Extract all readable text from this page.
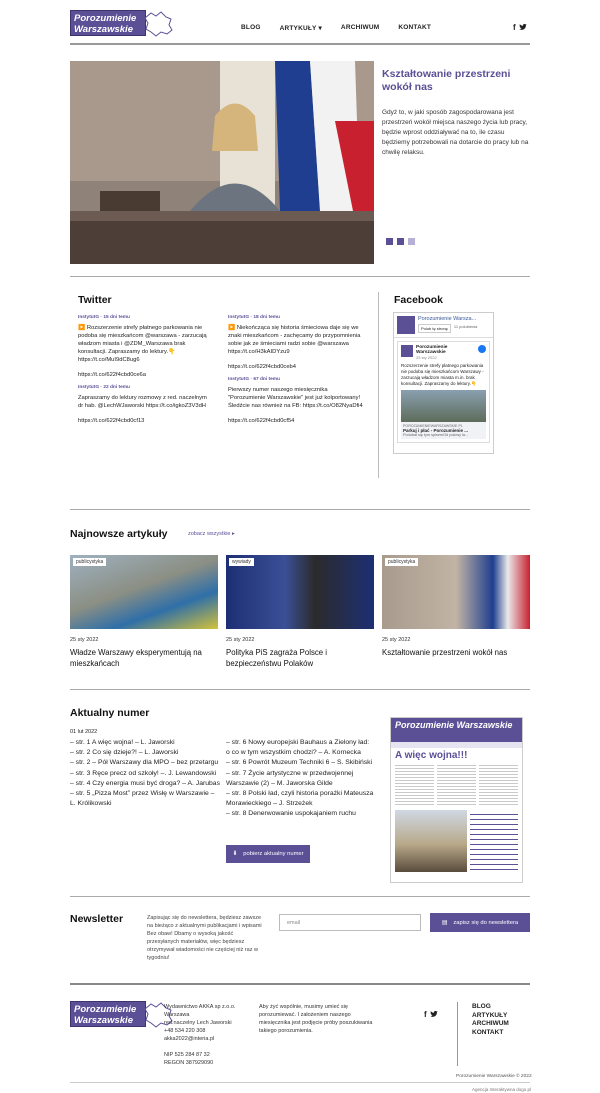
Porozumienie Warszawskie	BLOG	ARTYKUŁY ▾	ARCHIWUM	KONTAKT	f
Kształtowanie przestrzeni wokół nas
Gdyż to, w jaki sposób zagospodarowana jest przestrzeń wokół miejsca naszego życia lub pracy, będzie wprost oddziaływać na to, ile czasu będziemy potrzebowali na dotarcie do pracy lub na chwilę relaksu.
Twitter
InstytutG · 15 dni temu
▶️ Rozszerzenie strefy płatnego parkowania nie podoba się mieszkańcom @warszawa - zarzucają władzom miasta i @ZDM_Warszawa brak konsultacji. Zapraszamy do lektury.👇 https://t.co/MuI9dC8ug6
https://t.co/622f4cbd0ce6a
InstytutG · 22 dni temu
Zapraszamy do lektury rozmowy z red. naczelnym dr hab. @LechWJaworski https://t.co/igkoZ3V3dH
https://t.co/622f4cbd0cf13
InstytutG · 18 dni temu
▶️ Niekończąca się historia śmieciowa daje się we znaki mieszkańcom - zachęcamy do przypomnienia sobie jak ze śmieciami radzi sobie @warszawa https://t.co/H3kAIDYzu9
https://t.co/622f4cbd0ceb4
InstytutG · 67 dni temu
Pierwszy numer naszego miesięcznika "Porozumienie Warszawskie" jest już kolportowany! Śledźcie nas również na FB: https://t.co/O82NyaDfi4
https://t.co/622f4cbd0cf54
Facebook
Porozumienie Warsza...
Polub tę stronę	11 polubienia
Porozumienie Warszawskie
25 sty 2022
Rozszerzenie strefy płatnego parkowania nie podoba się mieszkańcom Warszawy - zarzucają władzom miasta m.in. brak konsultacji. Zapraszamy do lektury.👇
POROZUMIENIEWARSZAWSKIE.PL
Parkuj i płać - Porozumienie ...
Podobał się tym spisemOd połowy la...
Najnowsze artykuły	zobacz wszystkie ▸
publicystyka
25 sty 2022
Władze Warszawy eksperymentują na mieszkańcach
wywiady
25 sty 2022
Polityka PiS zagraża Polsce i bezpieczeństwu Polaków
publicystyka
25 sty 2022
Kształtowanie przestrzeni wokół nas
Aktualny numer
01 lut 2022
– str. 1 A więc wojna! – L. Jaworski
– str. 2 Co się dzieje?! – L. Jaworski
– str. 2 – Pół Warszawy dla MPO – bez przetargu
– str. 3 Ręce precz od szkoły! –. J. Lewandowski
– str. 4 Czy energia musi być droga? – A. Jarubas
– str. 5 „Pizza Most” przez Wisłę w Warszawie – L. Królikowski
– str. 6 Nowy europejski Bauhaus a Zielony ład: o co w tym wszystkim chodzi? – A. Kornecka
– str. 6 Powrót Muzeum Techniki 6 – S. Skibiński
– str. 7 Życie artystyczne w przedwojennej Warszawie (2) – M. Jaworska Gilde
– str. 8 Polski ład, czyli historia porażki Mateusza Morawieckiego – J. Strzeżek
– str. 8 Denerwowanie uspokajaniem ruchu
⬇ pobierz aktualny numer
Porozumienie Warszawskie
A więc wojna!!!
Newsletter	Zapisując się do newslettera, będziesz zawsze na bieżąco z aktualnymi publikacjami i wpisami Bez obaw! Dbamy o wysoką jakość przesyłanych materiałów, więc będziesz otrzymywał wiadomości nie częściej niż raz w tygodniu!
email	▤ zapisz się do newslettera
Porozumienie Warszawskie
Wydawnictwo AKKA sp z.o.o.
Warszawa
red.naczelny Lech Jaworski
+48 534 220 308
akka2022@interia.pl
NIP 525 284 87 32
REGON 387929090
Aby żyć wspólnie, musimy umieć się porozumiewać. I założeniem naszego miesięcznika jest podjęcie próby poszukiwania takiego porozumienia.
f
BLOG
ARTYKUŁY
ARCHIWUM
KONTAKT
Porozumienie Warszawskie © 2022
Agencja Interaktywna dogo.pl
